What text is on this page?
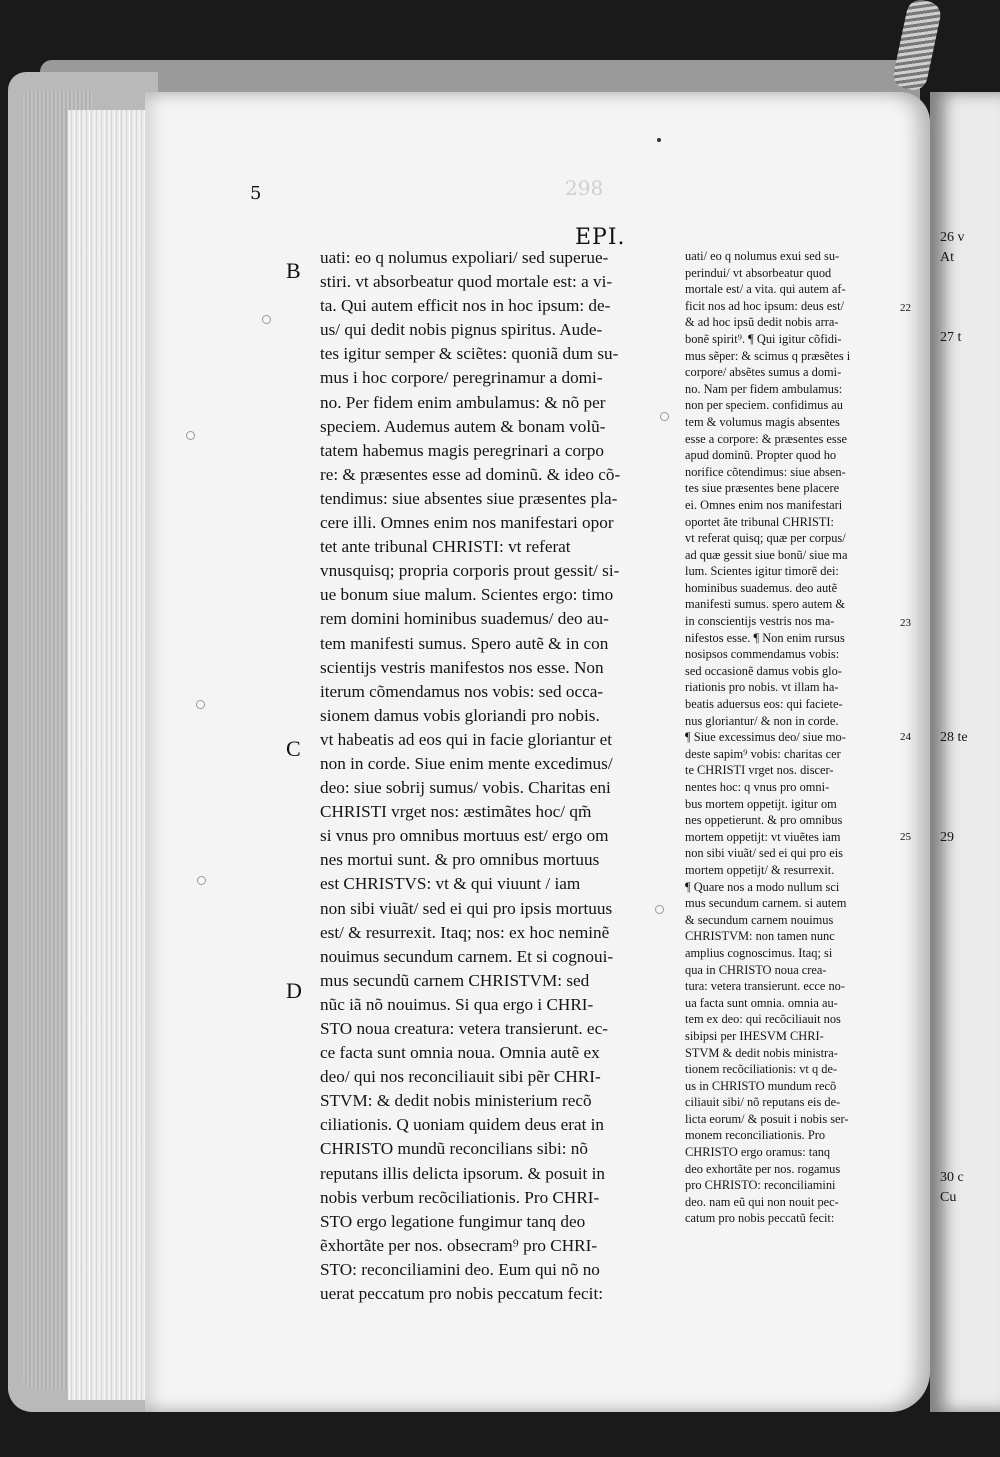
298
5
EPI.
B
C
D
uati: eo q nolumus expoliari/ sed superue-
stiri. vt absorbeatur quod mortale est: a vi-
ta. Qui autem efficit nos in hoc ipsum: de-
us/ qui dedit nobis pignus spiritus. Aude-
tes igitur semper & sciẽtes: quoniã dum su-
mus i hoc corpore/ peregrinamur a domi-
no. Per fidem enim ambulamus: & nõ per
speciem. Audemus autem & bonam volũ-
tatem habemus magis peregrinari a corpo
re: & præsentes esse ad dominũ. & ideo cõ-
tendimus: siue absentes siue præsentes pla-
cere illi. Omnes enim nos manifestari opor
tet ante tribunal CHRISTI: vt referat
vnusquisq; propria corporis prout gessit/ si-
ue bonum siue malum. Scientes ergo: timo
rem domini hominibus suademus/ deo au-
tem manifesti sumus. Spero autẽ & in con
scientijs vestris manifestos nos esse. Non
iterum cõmendamus nos vobis: sed occa-
sionem damus vobis gloriandi pro nobis.
vt habeatis ad eos qui in facie gloriantur et
non in corde. Siue enim mente excedimus/
deo: siue sobrij sumus/ vobis. Charitas eni
CHRISTI vrget nos: æstimãtes hoc/ qm̃
si vnus pro omnibus mortuus est/ ergo om
nes mortui sunt. & pro omnibus mortuus
est CHRISTVS: vt & qui viuunt / iam
non sibi viuãt/ sed ei qui pro ipsis mortuus
est/ & resurrexit. Itaq; nos: ex hoc neminẽ
nouimus secundum carnem. Et si cognoui-
mus secundũ carnem CHRISTVM: sed
nũc iã nõ nouimus. Si qua ergo i CHRI-
STO noua creatura: vetera transierunt. ec-
ce facta sunt omnia noua. Omnia autẽ ex
deo/ qui nos reconciliauit sibi pẽr CHRI-
STVM: & dedit nobis ministerium recõ
ciliationis. Q uoniam quidem deus erat in
CHRISTO mundũ reconcilians sibi: nõ
reputans illis delicta ipsorum. & posuit in
nobis verbum recõciliationis. Pro CHRI-
STO ergo legatione fungimur tanq deo
ẽxhortãte per nos. obsecram⁹ pro CHRI-
STO: reconciliamini deo. Eum qui nõ no
uerat peccatum pro nobis peccatum fecit:
uati/ eo q nolumus exui sed su-
perindui/ vt absorbeatur quod
mortale est/ a vita. qui autem af-
ficit nos ad hoc ipsum: deus est/
& ad hoc ipsũ dedit nobis arra-
bonẽ spirit⁹. ¶ Qui igitur cõfidi-
mus sẽper: & scimus q præsẽtes i
corpore/ absẽtes sumus a domi-
no. Nam per fidem ambulamus:
non per speciem. confidimus au
tem & volumus magis absentes
esse a corpore: & præsentes esse
apud dominũ. Propter quod ho
norifice cõtendimus: siue absen-
tes siue præsentes bene placere
ei. Omnes enim nos manifestari
oportet ãte tribunal CHRISTI:
vt referat quisq; quæ per corpus/
ad quæ gessit siue bonũ/ siue ma
lum. Scientes igitur timorẽ dei:
hominibus suademus. deo autẽ
manifesti sumus. spero autem &
in conscientijs vestris nos ma-
nifestos esse. ¶ Non enim rursus
nosipsos commendamus vobis:
sed occasionẽ damus vobis glo-
riationis pro nobis. vt illam ha-
beatis aduersus eos: qui faciete-
nus gloriantur/ & non in corde.
¶ Siue excessimus deo/ siue mo-
deste sapim⁹ vobis: charitas cer
te CHRISTI vrget nos. discer-
nentes hoc: q vnus pro omni-
bus mortem oppetijt. igitur om
nes oppetierunt. & pro omnibus
mortem oppetijt: vt viuẽtes iam
non sibi viuãt/ sed ei qui pro eis
mortem oppetijt/ & resurrexit.
¶ Quare nos a modo nullum sci
mus secundum carnem. si autem
& secundum carnem nouimus
CHRISTVM: non tamen nunc
amplius cognoscimus. Itaq; si
qua in CHRISTO noua crea-
tura: vetera transierunt. ecce no-
ua facta sunt omnia. omnia au-
tem ex deo: qui recõciliauit nos
sibipsi per IHESVM CHRI-
STVM & dedit nobis ministra-
tionem recõciliationis: vt q de-
us in CHRISTO mundum recõ
ciliauit sibi/ nõ reputans eis de-
licta eorum/ & posuit i nobis ser-
monem reconciliationis. Pro
CHRISTO ergo oramus: tanq
deo exhortãte per nos. rogamus
pro CHRISTO: reconciliamini
deo. nam eũ qui non nouit pec-
catum pro nobis peccatũ fecit:
26 v
At
27 t
28 te
29
30 c
Cu
22
23
24
25
